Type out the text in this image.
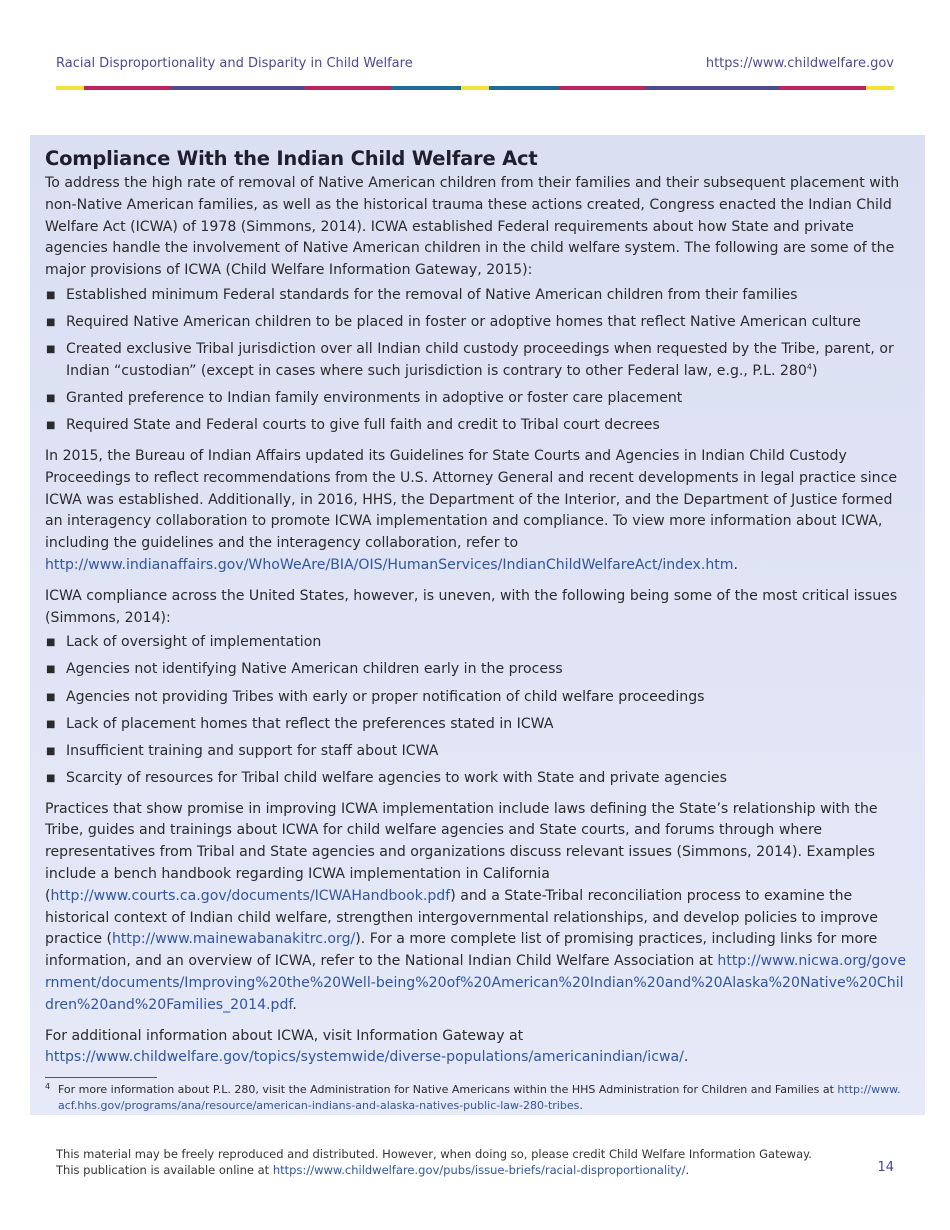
Racial Disproportionality and Disparity in Child Welfare	https://www.childwelfare.gov
Compliance With the Indian Child Welfare Act

To address the high rate of removal of Native American children from their families and their subsequent placement with non-Native American families, as well as the historical trauma these actions created, Congress enacted the Indian Child Welfare Act (ICWA) of 1978 (Simmons, 2014). ICWA established Federal requirements about how State and private agencies handle the involvement of Native American children in the child welfare system. The following are some of the major provisions of ICWA (Child Welfare Information Gateway, 2015):

■ Established minimum Federal standards for the removal of Native American children from their families
■ Required Native American children to be placed in foster or adoptive homes that reflect Native American culture
■ Created exclusive Tribal jurisdiction over all Indian child custody proceedings when requested by the Tribe, parent, or Indian “custodian” (except in cases where such jurisdiction is contrary to other Federal law, e.g., P.L. $280^4$)
■ Granted preference to Indian family environments in adoptive or foster care placement
■ Required State and Federal courts to give full faith and credit to Tribal court decrees

In 2015, the Bureau of Indian Affairs updated its Guidelines for State Courts and Agencies in Indian Child Custody Proceedings to reflect recommendations from the U.S. Attorney General and recent developments in legal practice since ICWA was established. Additionally, in 2016, HHS, the Department of the Interior, and the Department of Justice formed an interagency collaboration to promote ICWA implementation and compliance. To view more information about ICWA, including the guidelines and the interagency collaboration, refer to http://www.indianaffairs.gov/WhoWeAre/BIA/OIS/HumanServices/IndianChildWelfareAct/index.htm.

ICWA compliance across the United States, however, is uneven, with the following being some of the most critical issues (Simmons, 2014):

■ Lack of oversight of implementation
■ Agencies not identifying Native American children early in the process
■ Agencies not providing Tribes with early or proper notification of child welfare proceedings
■ Lack of placement homes that reflect the preferences stated in ICWA
■ Insufficient training and support for staff about ICWA
■ Scarcity of resources for Tribal child welfare agencies to work with State and private agencies

Practices that show promise in improving ICWA implementation include laws defining the State’s relationship with the Tribe, guides and trainings about ICWA for child welfare agencies and State courts, and forums through where representatives from Tribal and State agencies and organizations discuss relevant issues (Simmons, 2014). Examples include a bench handbook regarding ICWA implementation in California (http://www.courts.ca.gov/documents/ICWAHandbook.pdf) and a State-Tribal reconciliation process to examine the historical context of Indian child welfare, strengthen intergovernmental relationships, and develop policies to improve practice (http://www.mainewabanakitrc.org/). For a more complete list of promising practices, including links for more information, and an overview of ICWA, refer to the National Indian Child Welfare Association at http://www.nicwa.org/government/documents/Improving%20the%20Well-being%20of%20American%20Indian%20and%20Alaska%20Native%20Children%20and%20Families_2014.pdf.

For additional information about ICWA, visit Information Gateway at https://www.childwelfare.gov/topics/systemwide/diverse-populations/americanindian/icwa/.

4 For more information about P.L. 280, visit the Administration for Native Americans within the HHS Administration for Children and Families at http://www.acf.hhs.gov/programs/ana/resource/american-indians-and-alaska-natives-public-law-280-tribes.
This material may be freely reproduced and distributed. However, when doing so, please credit Child Welfare Information Gateway.
This publication is available online at https://www.childwelfare.gov/pubs/issue-briefs/racial-disproportionality/.	14
